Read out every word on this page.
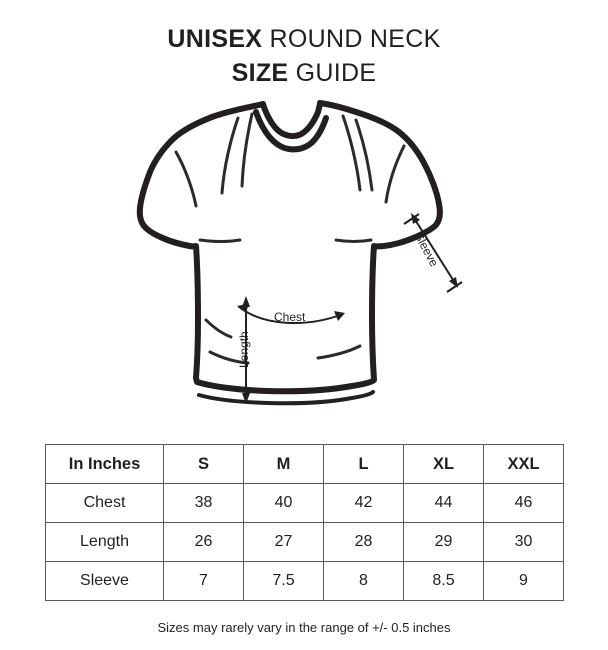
UNISEX ROUND NECK
SIZE GUIDE
Chest
Length
Sleeve
In Inches	S	M	L	XL	XXL
Chest	38	40	42	44	46
Length	26	27	28	29	30
Sleeve	7	7.5	8	8.5	9
Sizes may rarely vary in the range of +/- 0.5 inches
